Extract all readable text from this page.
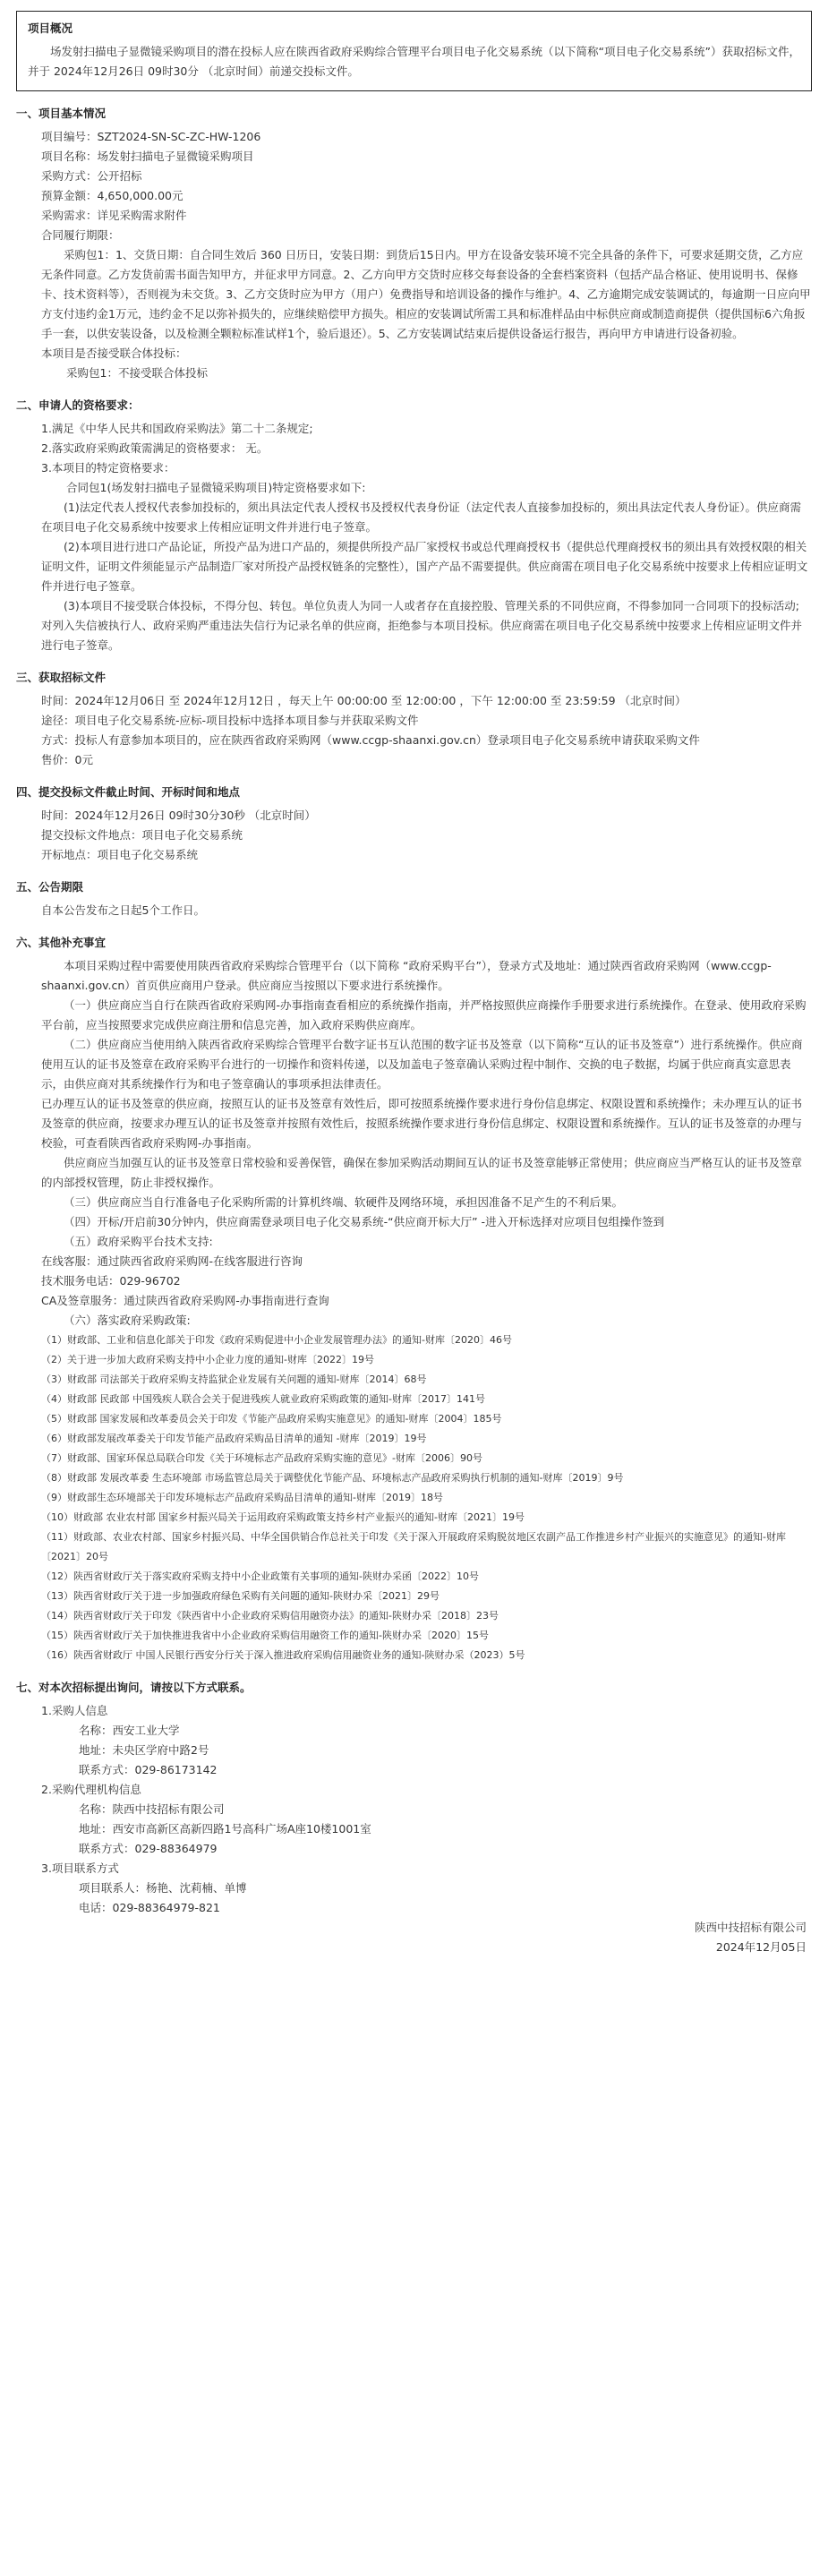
项目概况
场发射扫描电子显微镜采购项目的潜在投标人应在陕西省政府采购综合管理平台项目电子化交易系统（以下简称“项目电子化交易系统”）获取招标文件，并于 2024年12月26日 09时30分 （北京时间）前递交投标文件。
一、项目基本情况
项目编号：SZT2024-SN-SC-ZC-HW-1206
项目名称：场发射扫描电子显微镜采购项目
采购方式：公开招标
预算金额：4,650,000.00元
采购需求：详见采购需求附件
合同履行期限：
采购包1：1、交货日期：自合同生效后 360 日历日，安装日期：到货后15日内。甲方在设备安装环境不完全具备的条件下，可要求延期交货，乙方应无条件同意。乙方发货前需书面告知甲方，并征求甲方同意。2、乙方向甲方交货时应移交每套设备的全套档案资料（包括产品合格证、使用说明书、保修卡、技术资料等），否则视为未交货。3、乙方交货时应为甲方（用户）免费指导和培训设备的操作与维护。4、乙方逾期完成安装调试的，每逾期一日应向甲方支付违约金1万元，违约金不足以弥补损失的，应继续赔偿甲方损失。相应的安装调试所需工具和标准样品由中标供应商或制造商提供（提供国标6六角扳手一套，以供安装设备，以及检测全颗粒标准试样1个，验后退还）。5、乙方安装调试结束后提供设备运行报告，再向甲方申请进行设备初验。
本项目是否接受联合体投标：
采购包1：不接受联合体投标
二、申请人的资格要求：
1.满足《中华人民共和国政府采购法》第二十二条规定;
2.落实政府采购政策需满足的资格要求： 无。
3.本项目的特定资格要求：
合同包1(场发射扫描电子显微镜采购项目)特定资格要求如下:
(1)法定代表人授权代表参加投标的，须出具法定代表人授权书及授权代表身份证（法定代表人直接参加投标的，须出具法定代表人身份证）。供应商需在项目电子化交易系统中按要求上传相应证明文件并进行电子签章。
(2)本项目进行进口产品论证，所投产品为进口产品的，须提供所投产品厂家授权书或总代理商授权书（提供总代理商授权书的须出具有效授权限的相关证明文件，证明文件须能显示产品制造厂家对所投产品授权链条的完整性），国产产品不需要提供。供应商需在项目电子化交易系统中按要求上传相应证明文件并进行电子签章。
(3)本项目不接受联合体投标，不得分包、转包。单位负责人为同一人或者存在直接控股、管理关系的不同供应商，不得参加同一合同项下的投标活动; 对列入失信被执行人、政府采购严重违法失信行为记录名单的供应商，拒绝参与本项目投标。供应商需在项目电子化交易系统中按要求上传相应证明文件并进行电子签章。
三、获取招标文件
时间：2024年12月06日 至 2024年12月12日 ，每天上午 00:00:00 至 12:00:00 ，下午 12:00:00 至 23:59:59 （北京时间）
途径：项目电子化交易系统-应标-项目投标中选择本项目参与并获取采购文件
方式：投标人有意参加本项目的，应在陕西省政府采购网（www.ccgp-shaanxi.gov.cn）登录项目电子化交易系统申请获取采购文件
售价：0元
四、提交投标文件截止时间、开标时间和地点
时间：2024年12月26日 09时30分30秒 （北京时间）
提交投标文件地点：项目电子化交易系统
开标地点：项目电子化交易系统
五、公告期限
自本公告发布之日起5个工作日。
六、其他补充事宜
本项目采购过程中需要使用陕西省政府采购综合管理平台（以下简称 “政府采购平台”），登录方式及地址：通过陕西省政府采购网（www.ccgp-shaanxi.gov.cn）首页供应商用户登录。供应商应当按照以下要求进行系统操作。
（一）供应商应当自行在陕西省政府采购网-办事指南查看相应的系统操作指南，并严格按照供应商操作手册要求进行系统操作。在登录、使用政府采购平台前，应当按照要求完成供应商注册和信息完善，加入政府采购供应商库。
（二）供应商应当使用纳入陕西省政府采购综合管理平台数字证书互认范围的数字证书及签章（以下简称“互认的证书及签章”）进行系统操作。供应商使用互认的证书及签章在政府采购平台进行的一切操作和资料传递，以及加盖电子签章确认采购过程中制作、交换的电子数据，均属于供应商真实意思表示，由供应商对其系统操作行为和电子签章确认的事项承担法律责任。
已办理互认的证书及签章的供应商，按照互认的证书及签章有效性后，即可按照系统操作要求进行身份信息绑定、权限设置和系统操作；未办理互认的证书及签章的供应商，按要求办理互认的证书及签章并按照有效性后，按照系统操作要求进行身份信息绑定、权限设置和系统操作。互认的证书及签章的办理与校验，可查看陕西省政府采购网-办事指南。
供应商应当加强互认的证书及签章日常校验和妥善保管，确保在参加采购活动期间互认的证书及签章能够正常使用；供应商应当严格互认的证书及签章的内部授权管理，防止非授权操作。
（三）供应商应当自行准备电子化采购所需的计算机终端、软硬件及网络环境，承担因准备不足产生的不利后果。
（四）开标/开启前30分钟内，供应商需登录项目电子化交易系统-“供应商开标大厅” -进入开标选择对应项目包组操作签到
（五）政府采购平台技术支持:
在线客服：通过陕西省政府采购网-在线客服进行咨询
技术服务电话：029-96702
CA及签章服务：通过陕西省政府采购网-办事指南进行查询
（六）落实政府采购政策:
（1）财政部、工业和信息化部关于印发《政府采购促进中小企业发展管理办法》的通知-财库〔2020〕46号
（2）关于进一步加大政府采购支持中小企业力度的通知-财库〔2022〕19号
（3）财政部 司法部关于政府采购支持监狱企业发展有关问题的通知-财库〔2014〕68号
（4）财政部 民政部 中国残疾人联合会关于促进残疾人就业政府采购政策的通知-财库〔2017〕141号
（5）财政部 国家发展和改革委员会关于印发《节能产品政府采购实施意见》的通知-财库〔2004〕185号
（6）财政部发展改革委关于印发节能产品政府采购品目清单的通知 -财库〔2019〕19号
（7）财政部、国家环保总局联合印发《关于环境标志产品政府采购实施的意见》-财库〔2006〕90号
（8）财政部 发展改革委 生态环境部 市场监管总局关于调整优化节能产品、环境标志产品政府采购执行机制的通知-财库〔2019〕9号
（9）财政部生态环境部关于印发环境标志产品政府采购品目清单的通知-财库〔2019〕18号
（10）财政部 农业农村部 国家乡村振兴局关于运用政府采购政策支持乡村产业振兴的通知-财库〔2021〕19号
（11）财政部、农业农村部、国家乡村振兴局、中华全国供销合作总社关于印发《关于深入开展政府采购脱贫地区农副产品工作推进乡村产业振兴的实施意见》的通知-财库〔2021〕20号
（12）陕西省财政厅关于落实政府采购支持中小企业政策有关事项的通知-陕财办采函〔2022〕10号
（13）陕西省财政厅关于进一步加强政府绿色采购有关问题的通知-陕财办采〔2021〕29号
（14）陕西省财政厅关于印发《陕西省中小企业政府采购信用融资办法》的通知-陕财办采〔2018〕23号
（15）陕西省财政厅关于加快推进我省中小企业政府采购信用融资工作的通知-陕财办采〔2020〕15号
（16）陕西省财政厅 中国人民银行西安分行关于深入推进政府采购信用融资业务的通知-陕财办采（2023）5号
七、对本次招标提出询问，请按以下方式联系。
1.采购人信息
名称：西安工业大学
地址：未央区学府中路2号
联系方式：029-86173142
2.采购代理机构信息
名称：陕西中技招标有限公司
地址：西安市高新区高新四路1号高科广场A座10楼1001室
联系方式：029-88364979
3.项目联系方式
项目联系人：杨艳、沈莉楠、单博
电话：029-88364979-821
陕西中技招标有限公司
2024年12月05日
